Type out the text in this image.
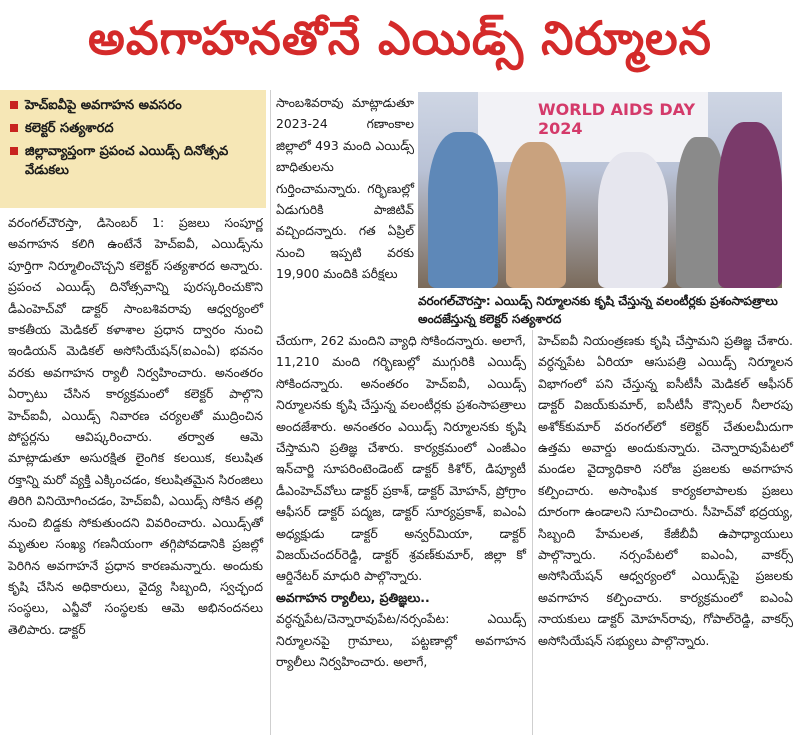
అవగాహనతోనే ఎయిడ్స్ నిర్మూలన
హెచ్ఐవీపై అవగాహన అవసరం
కలెక్టర్ సత్యశారద
జిల్లావ్యాప్తంగా ప్రపంచ ఎయిడ్స్ దినోత్సవ వేడుకలు

వరంగల్‌చౌరస్తా, డిసెంబర్ 1: ప్రజలు సంపూర్ణ అవగాహన కలిగి ఉంటేనే హెచ్ఐవీ, ఎయిడ్స్‌ను పూర్తిగా నిర్మూలించొచ్చని కలెక్టర్ సత్యశారద అన్నారు. ప్రపంచ ఎయిడ్స్ దినోత్సవాన్ని పురస్కరించుకొని డీఎంహెచ్‌వో డాక్టర్ సాంబశివరావు ఆధ్వర్యంలో కాకతీయ మెడికల్ కళాశాల ప్రధాన ద్వారం నుంచి ఇండియన్ మెడికల్ అసోసియేషన్(ఐఎంఏ) భవనం వరకు అవగాహన ర్యాలీ నిర్వహించారు. అనంతరం ఏర్పాటు చేసిన కార్యక్రమంలో కలెక్టర్ పాల్గొని హెచ్ఐవీ, ఎయిడ్స్ నివారణ చర్యలతో ముద్రించిన పోస్టర్లను ఆవిష్కరించారు. తర్వాత ఆమె మాట్లాడుతూ అసురక్షిత లైంగిక కలయిక, కలుషిత రక్తాన్ని మరో వ్యక్తి ఎక్కించడం, కలుషితమైన సిరంజిలు తిరిగి వినియోగించడం, హెచ్ఐవీ, ఎయిడ్స్ సోకిన తల్లి నుంచి బిడ్డకు సోకుతుందని వివరించారు. ఎయిడ్స్‌తో మృతుల సంఖ్య గణనీయంగా తగ్గిపోవడానికి ప్రజల్లో పెరిగిన అవగాహనే ప్రధాన కారణమన్నారు. అందుకు కృషి చేసిన అధికారులు, వైద్య సిబ్బంది, స్వచ్ఛంద సంస్థలు, ఎన్జీవో సంస్థలకు ఆమె అభినందనలు తెలిపారు. డాక్టర్

సాంబశివరావు మాట్లాడుతూ 2023-24 గణాంకాల జిల్లాలో 493 మంది ఎయిడ్స్ బాధితులను గుర్తించామన్నారు. గర్భిణుల్లో ఏడుగురికి పాజిటివ్ వచ్చిందన్నారు. గత ఏప్రిల్ నుంచి ఇప్పటి వరకు 19,900 మందికి పరీక్షలు

WORLD AIDS DAY 2024
వరంగల్‌చౌరస్తా: ఎయిడ్స్ నిర్మూలనకు కృషి చేస్తున్న వలంటీర్లకు ప్రశంసాపత్రాలు అందజేస్తున్న కలెక్టర్ సత్యశారద

చేయగా, 262 మందిని వ్యాధి సోకిందన్నారు. అలాగే, 11,210 మంది గర్భిణుల్లో ముగ్గురికి ఎయిడ్స్ సోకిందన్నారు. అనంతరం హెచ్ఐవీ, ఎయిడ్స్ నిర్మూలనకు కృషి చేస్తున్న వలంటీర్లకు ప్రశంసాపత్రాలు అందజేశారు. అనంతరం ఎయిడ్స్ నిర్మూలనకు కృషి చేస్తామని ప్రతిజ్ఞ చేశారు. కార్యక్రమంలో ఎంజీఎం ఇన్‌చార్జి సూపరింటెండెంట్ డాక్టర్ కిశోర్, డిప్యూటీ డీఎంహెచ్‌వోలు డాక్టర్ ప్రకాశ్, డాక్టర్ మోహన్, ప్రోగ్రాం ఆఫీసర్ డాక్టర్ పద్మజ, డాక్టర్ సూర్యప్రకాశ్, ఐఎంఏ అధ్యక్షుడు డాక్టర్ అన్వర్‌మియా, డాక్టర్ విజయ్‌చందర్‌రెడ్డి, డాక్టర్ శ్రవణ్‌కుమార్, జిల్లా కో ఆర్డినేటర్ మాధురి పాల్గొన్నారు.

అవగాహన ర్యాలీలు, ప్రతిజ్ఞలు..

వర్ధన్నపేట/చెన్నారావుపేట/నర్సంపేట: ఎయిడ్స్ నిర్మూలనపై గ్రామాలు, పట్టణాల్లో అవగాహన ర్యాలీలు నిర్వహించారు. అలాగే,

హెచ్ఐవీ నియంత్రణకు కృషి చేస్తామని ప్రతిజ్ఞ చేశారు. వర్ధన్నపేట ఏరియా ఆసుపత్రి ఎయిడ్స్ నిర్మూలన విభాగంలో పని చేస్తున్న ఐసీటీసీ మెడికల్ ఆఫీసర్ డాక్టర్ విజయ్‌కుమార్, ఐసీటీసీ కౌన్సిలర్ నీలారపు అశోక్‌కుమార్ వరంగల్‌లో కలెక్టర్ చేతులమీదుగా ఉత్తమ అవార్డు అందుకున్నారు. చెన్నారావుపేటలో మండల వైద్యాధికారి సరోజ ప్రజలకు అవగాహన కల్పించారు. అసాంఘిక కార్యకలాపాలకు ప్రజలు దూరంగా ఉండాలని సూచించారు. సీహెచ్‌వో భద్రయ్య, సిబ్బంది హేమలత, కేజీబీవీ ఉపాధ్యాయులు పాల్గొన్నారు. నర్సంపేటలో ఐఎంఏ, వాకర్స్ అసోసియేషన్ ఆధ్వర్యంలో ఎయిడ్స్‌పై ప్రజలకు అవగాహన కల్పించారు. కార్యక్రమంలో ఐఎంఏ నాయకులు డాక్టర్ మోహన్‌రావు, గోపాల్‌రెడ్డి, వాకర్స్ అసోసియేషన్ సభ్యులు పాల్గొన్నారు.
